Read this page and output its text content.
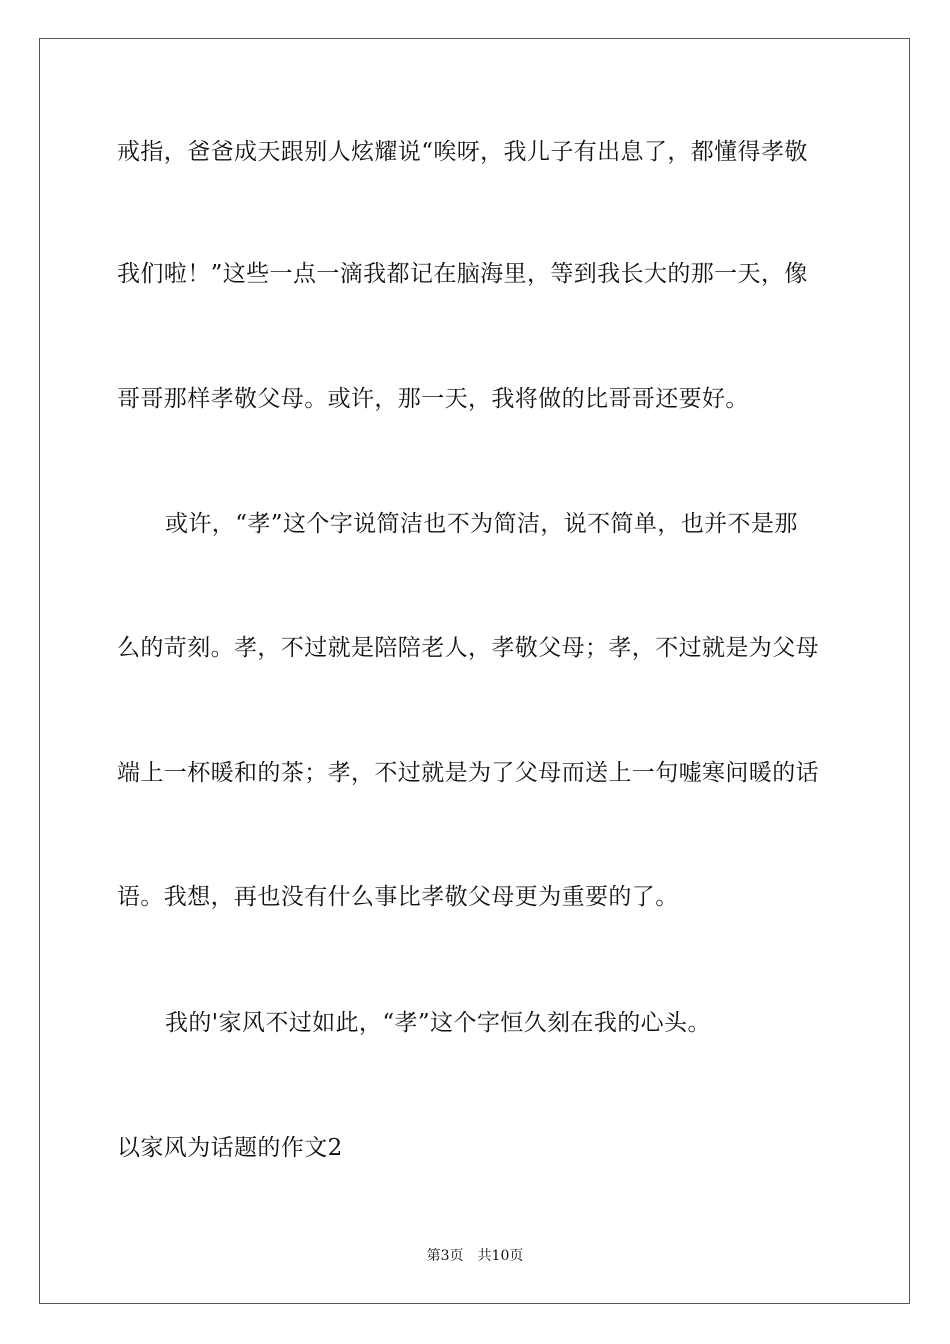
戒指，爸爸成天跟别人炫耀说“唉呀，我儿子有出息了，都懂得孝敬
我们啦！”这些一点一滴我都记在脑海里，等到我长大的那一天，像
哥哥那样孝敬父母。或许，那一天，我将做的比哥哥还要好。
或许，“孝”这个字说简洁也不为简洁，说不简单，也并不是那
么的苛刻。孝，不过就是陪陪老人，孝敬父母；孝，不过就是为父母
端上一杯暖和的茶；孝，不过就是为了父母而送上一句嘘寒问暖的话
语。我想，再也没有什么事比孝敬父母更为重要的了。
我的'家风不过如此，“孝”这个字恒久刻在我的心头。
以家风为话题的作文2
第3页 共10页
